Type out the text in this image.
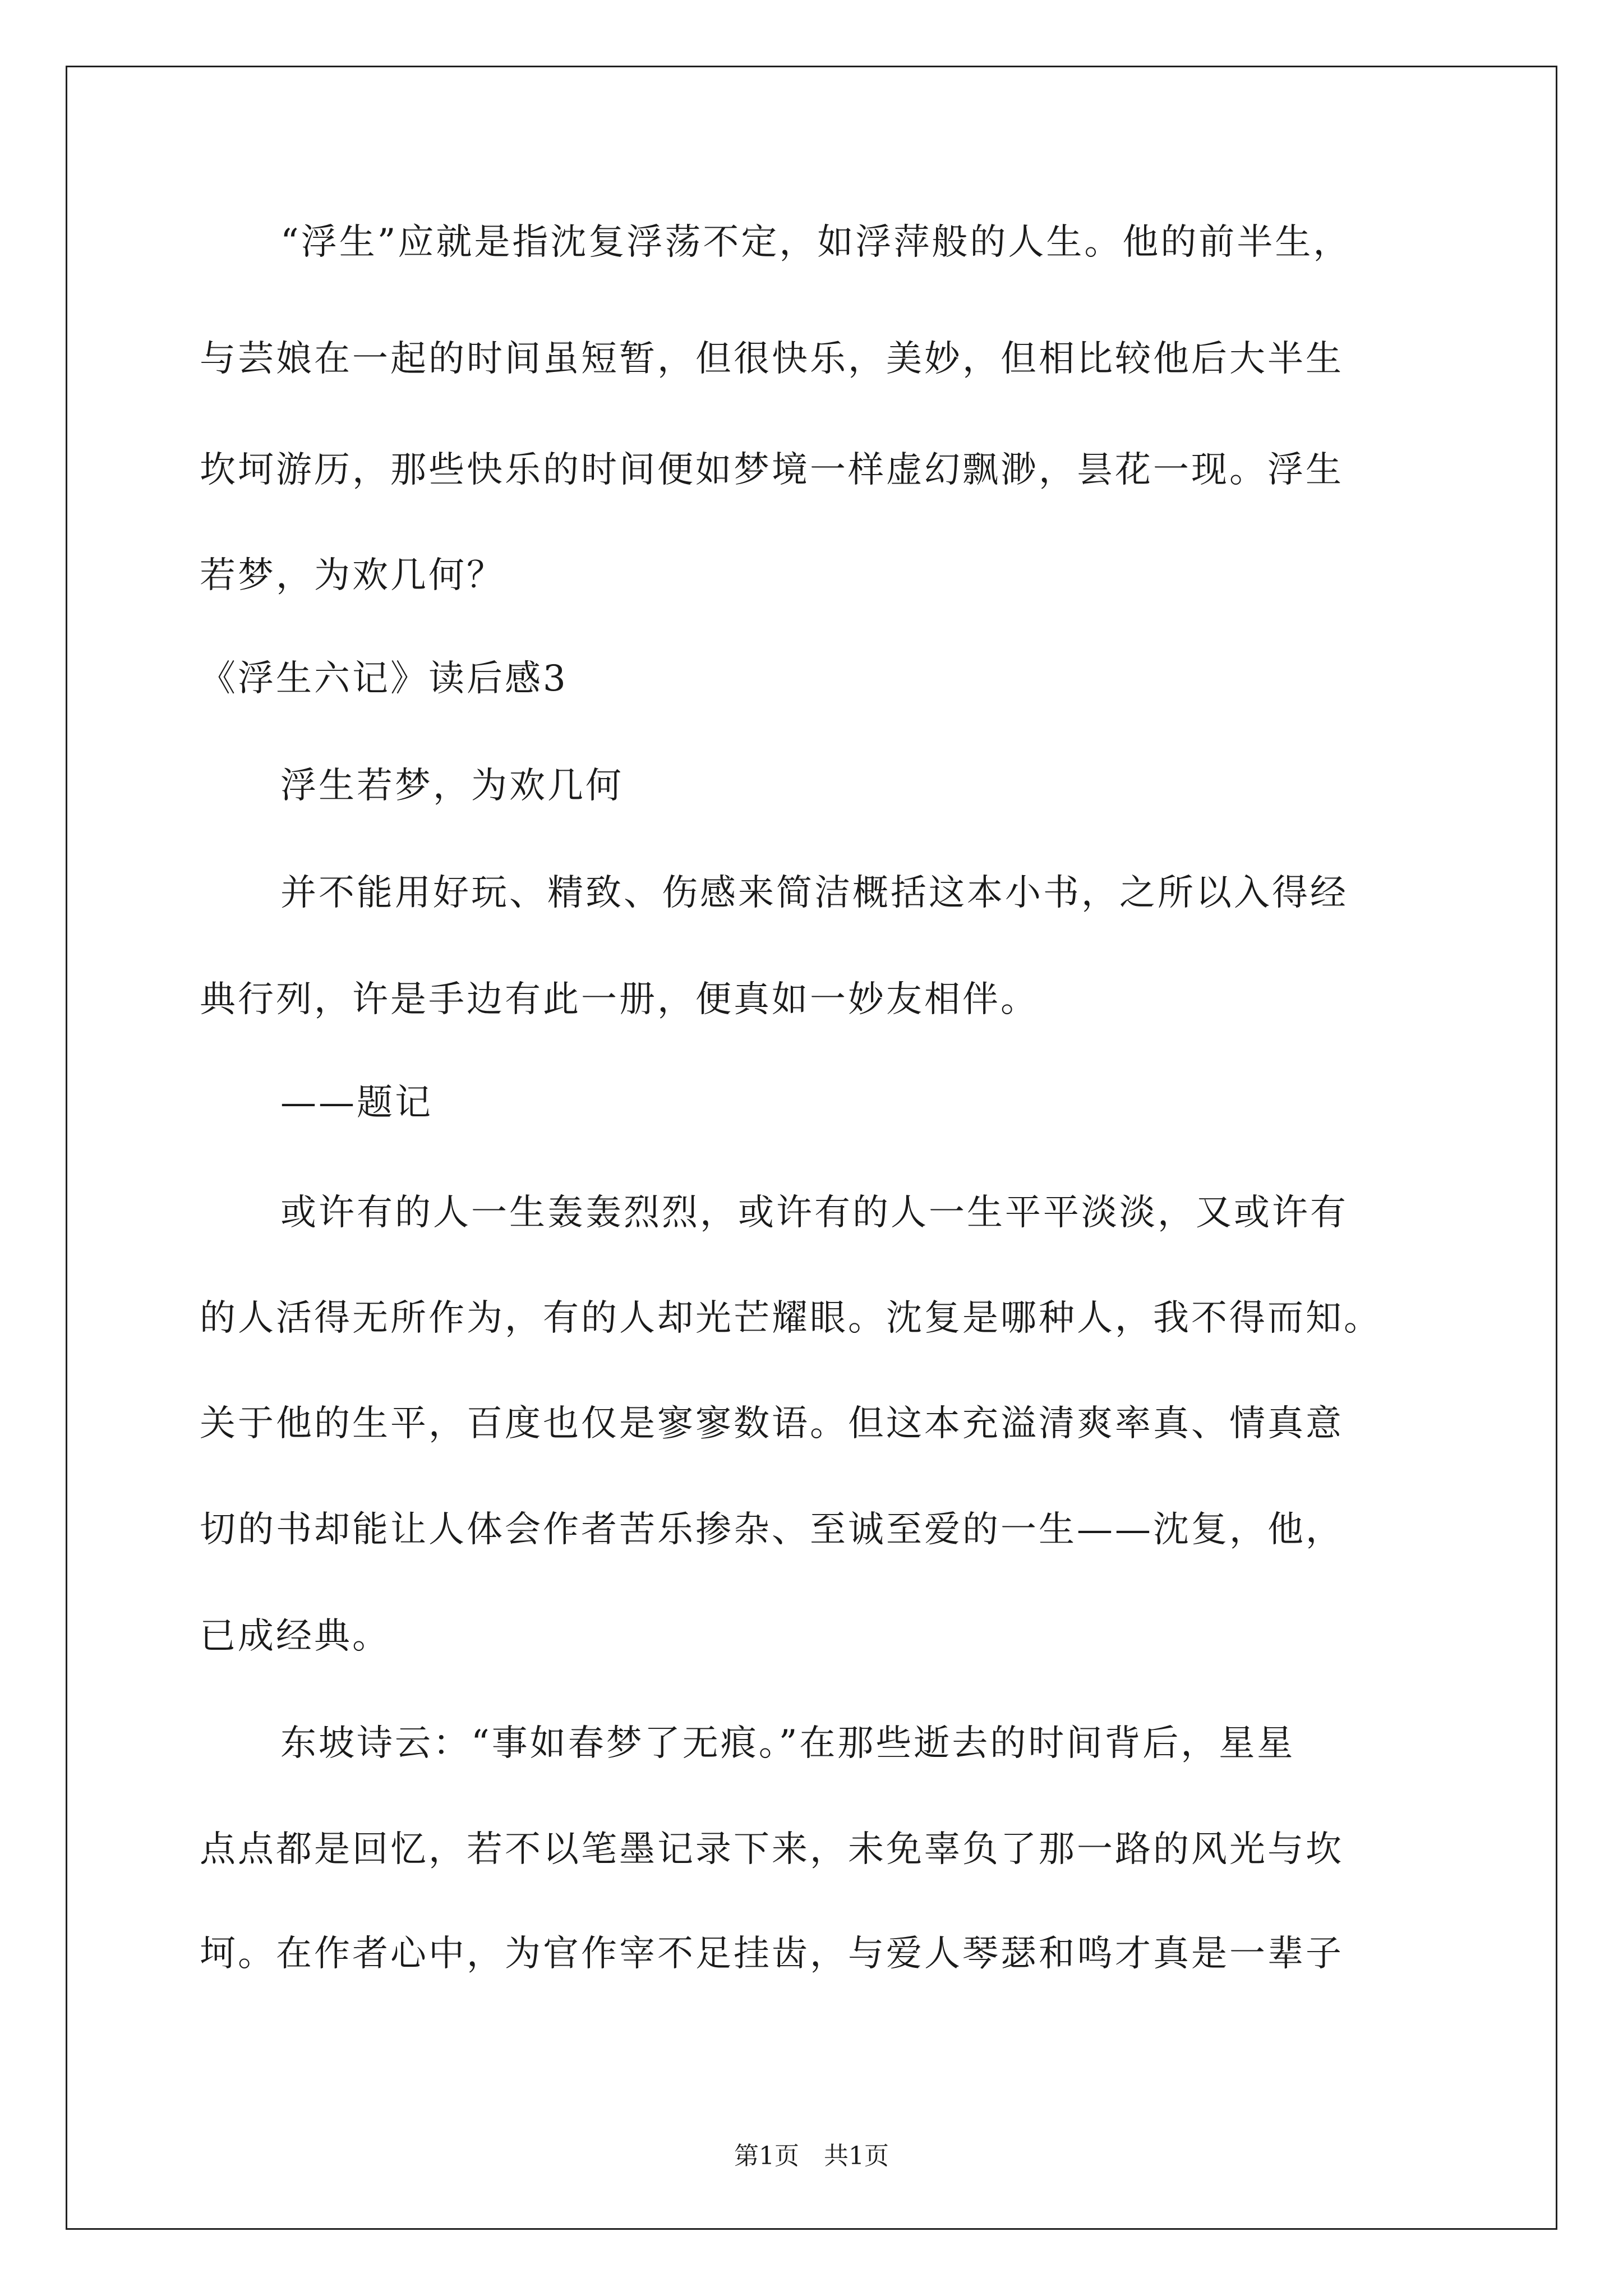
“浮生”应就是指沈复浮荡不定，如浮萍般的人生。他的前半生，
与芸娘在一起的时间虽短暂，但很快乐，美妙，但相比较他后大半生
坎坷游历，那些快乐的时间便如梦境一样虚幻飘渺，昙花一现。浮生
若梦，为欢几何？
《浮生六记》读后感3
浮生若梦，为欢几何
并不能用好玩、精致、伤感来简洁概括这本小书，之所以入得经
典行列，许是手边有此一册，便真如一妙友相伴。
——题记
或许有的人一生轰轰烈烈，或许有的人一生平平淡淡，又或许有
的人活得无所作为，有的人却光芒耀眼。沈复是哪种人，我不得而知。
关于他的生平，百度也仅是寥寥数语。但这本充溢清爽率真、情真意
切的书却能让人体会作者苦乐掺杂、至诚至爱的一生——沈复，他，
已成经典。
东坡诗云：“事如春梦了无痕。”在那些逝去的时间背后，星星
点点都是回忆，若不以笔墨记录下来，未免辜负了那一路的风光与坎
坷。在作者心中，为官作宰不足挂齿，与爱人琴瑟和鸣才真是一辈子
第1页　共1页
